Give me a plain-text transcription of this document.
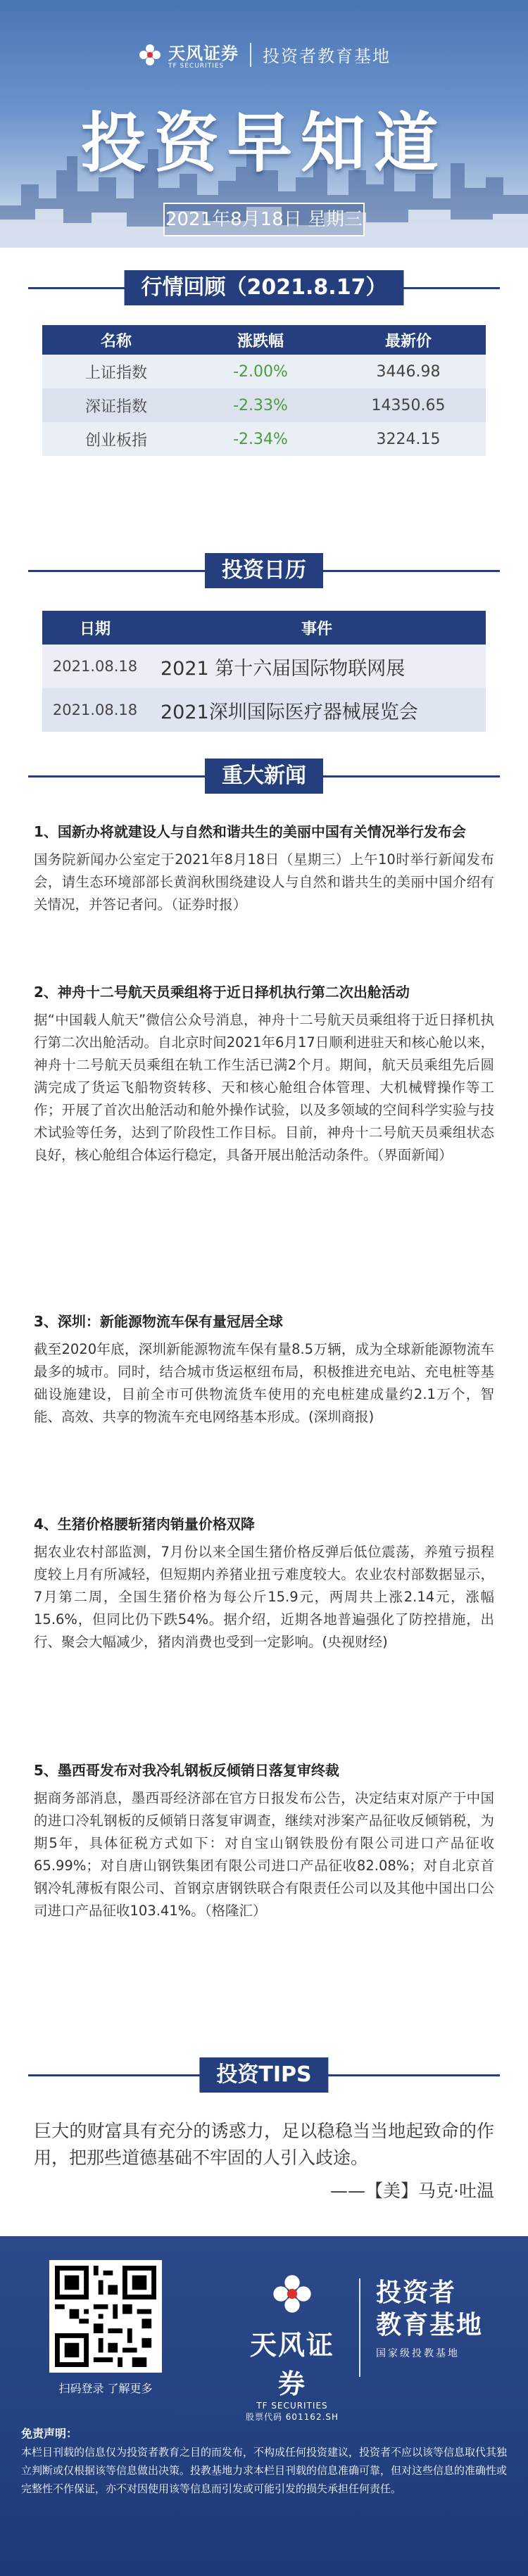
天风证券
TF SECURITIES	投资者教育基地
投资早知道
2021年8月18日 星期三
行情回顾（2021.8.17）
名称	涨跌幅	最新价
上证指数	-2.00%	3446.98
深证指数	-2.33%	14350.65
创业板指	-2.34%	3224.15
投资日历
日期	事件
2021.08.18	2021 第十六届国际物联网展
2021.08.18	2021深圳国际医疗器械展览会
重大新闻
1、国新办将就建设人与自然和谐共生的美丽中国有关情况举行发布会

国务院新闻办公室定于2021年8月18日（星期三）上午10时举行新闻发布会，请生态环境部部长黄润秋围绕建设人与自然和谐共生的美丽中国介绍有关情况，并答记者问。（证券时报）

2、神舟十二号航天员乘组将于近日择机执行第二次出舱活动

据“中国载人航天”微信公众号消息，神舟十二号航天员乘组将于近日择机执行第二次出舱活动。自北京时间2021年6月17日顺利进驻天和核心舱以来，神舟十二号航天员乘组在轨工作生活已满2个月。期间，航天员乘组先后圆满完成了货运飞船物资转移、天和核心舱组合体管理、大机械臂操作等工作；开展了首次出舱活动和舱外操作试验，以及多领域的空间科学实验与技术试验等任务，达到了阶段性工作目标。目前，神舟十二号航天员乘组状态良好，核心舱组合体运行稳定，具备开展出舱活动条件。（界面新闻）

3、深圳：新能源物流车保有量冠居全球

截至2020年底，深圳新能源物流车保有量8.5万辆，成为全球新能源物流车最多的城市。同时，结合城市货运枢纽布局，积极推进充电站、充电桩等基础设施建设，目前全市可供物流货车使用的充电桩建成量约2.1万个，智能、高效、共享的物流车充电网络基本形成。(深圳商报)

4、生猪价格腰斩猪肉销量价格双降

据农业农村部监测，7月份以来全国生猪价格反弹后低位震荡，养殖亏损程度较上月有所减轻，但短期内养猪业扭亏难度较大。农业农村部数据显示，7月第二周，全国生猪价格为每公斤15.9元，两周共上涨2.14元，涨幅15.6%，但同比仍下跌54%。据介绍，近期各地普遍强化了防控措施，出行、聚会大幅减少，猪肉消费也受到一定影响。(央视财经)

5、墨西哥发布对我冷轧钢板反倾销日落复审终裁

据商务部消息，墨西哥经济部在官方日报发布公告，决定结束对原产于中国的进口冷轧钢板的反倾销日落复审调查，继续对涉案产品征收反倾销税，为期5年，具体征税方式如下：对自宝山钢铁股份有限公司进口产品征收65.99%；对自唐山钢铁集团有限公司进口产品征收82.08%；对自北京首钢冷轧薄板有限公司、首钢京唐钢铁联合有限责任公司以及其他中国出口公司进口产品征收103.41%。（格隆汇）

投资TIPS
巨大的财富具有充分的诱惑力，足以稳稳当当地起致命的作用，把那些道德基础不牢固的人引入歧途。
——【美】马克·吐温
扫码登录 了解更多
天风证券
TF SECURITIES
股票代码 601162.SH
投资者
教育基地
国家级投教基地
免责声明：
本栏目刊载的信息仅为投资者教育之目的而发布，不构成任何投资建议，投资者不应以该等信息取代其独立判断或仅根据该等信息做出决策。投教基地力求本栏目刊载的信息准确可靠，但对这些信息的准确性或完整性不作保证，亦不对因使用该等信息而引发或可能引发的损失承担任何责任。
